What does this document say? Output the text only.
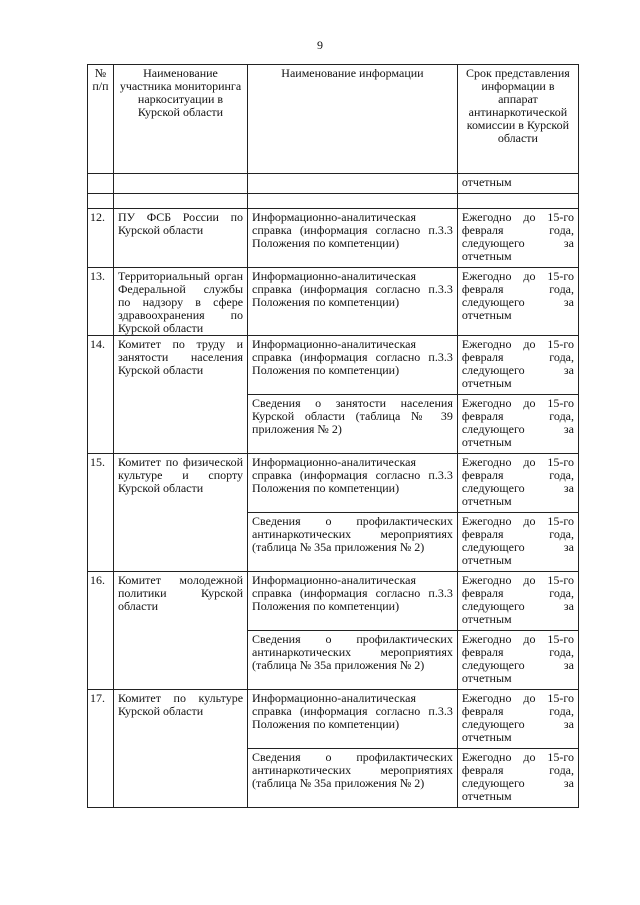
9
№ п/п	Наименование участника мониторинга наркоситуации в Курской области	Наименование информации	Срок представления информации в аппарат антинаркотической комиссии в Курской области
			отчетным

12.	ПУ ФСБ России по Курской области	Информационно-аналитическая справка (информация согласно п.3.3 Положения по компетенции)	Ежегодно до 15-го февраля года, следующего за отчетным
13.	Территориальный орган Федеральной службы по надзору в сфере здравоохранения по Курской области	Информационно-аналитическая справка (информация согласно п.3.3 Положения по компетенции)	Ежегодно до 15-го февраля года, следующего за отчетным
14.	Комитет по труду и занятости населения Курской области	Информационно-аналитическая справка (информация согласно п.3.3 Положения по компетенции)	Ежегодно до 15-го февраля года, следующего за отчетным
		Сведения о занятости населения Курской области (таблица № 39 приложения № 2)	Ежегодно до 15-го февраля года, следующего за отчетным
15.	Комитет по физической культуре и спорту Курской области	Информационно-аналитическая справка (информация согласно п.3.3 Положения по компетенции)	Ежегодно до 15-го февраля года, следующего за отчетным
		Сведения о профилактических антинаркотических мероприятиях (таблица № 35а приложения № 2)	Ежегодно до 15-го февраля года, следующего за отчетным
16.	Комитет молодежной политики Курской области	Информационно-аналитическая справка (информация согласно п.3.3 Положения по компетенции)	Ежегодно до 15-го февраля года, следующего за отчетным
		Сведения о профилактических антинаркотических мероприятиях (таблица № 35а приложения № 2)	Ежегодно до 15-го февраля года, следующего за отчетным
17.	Комитет по культуре Курской области	Информационно-аналитическая справка (информация согласно п.3.3 Положения по компетенции)	Ежегодно до 15-го февраля года, следующего за отчетным
		Сведения о профилактических антинаркотических мероприятиях (таблица № 35а приложения № 2)	Ежегодно до 15-го февраля года, следующего за отчетным
